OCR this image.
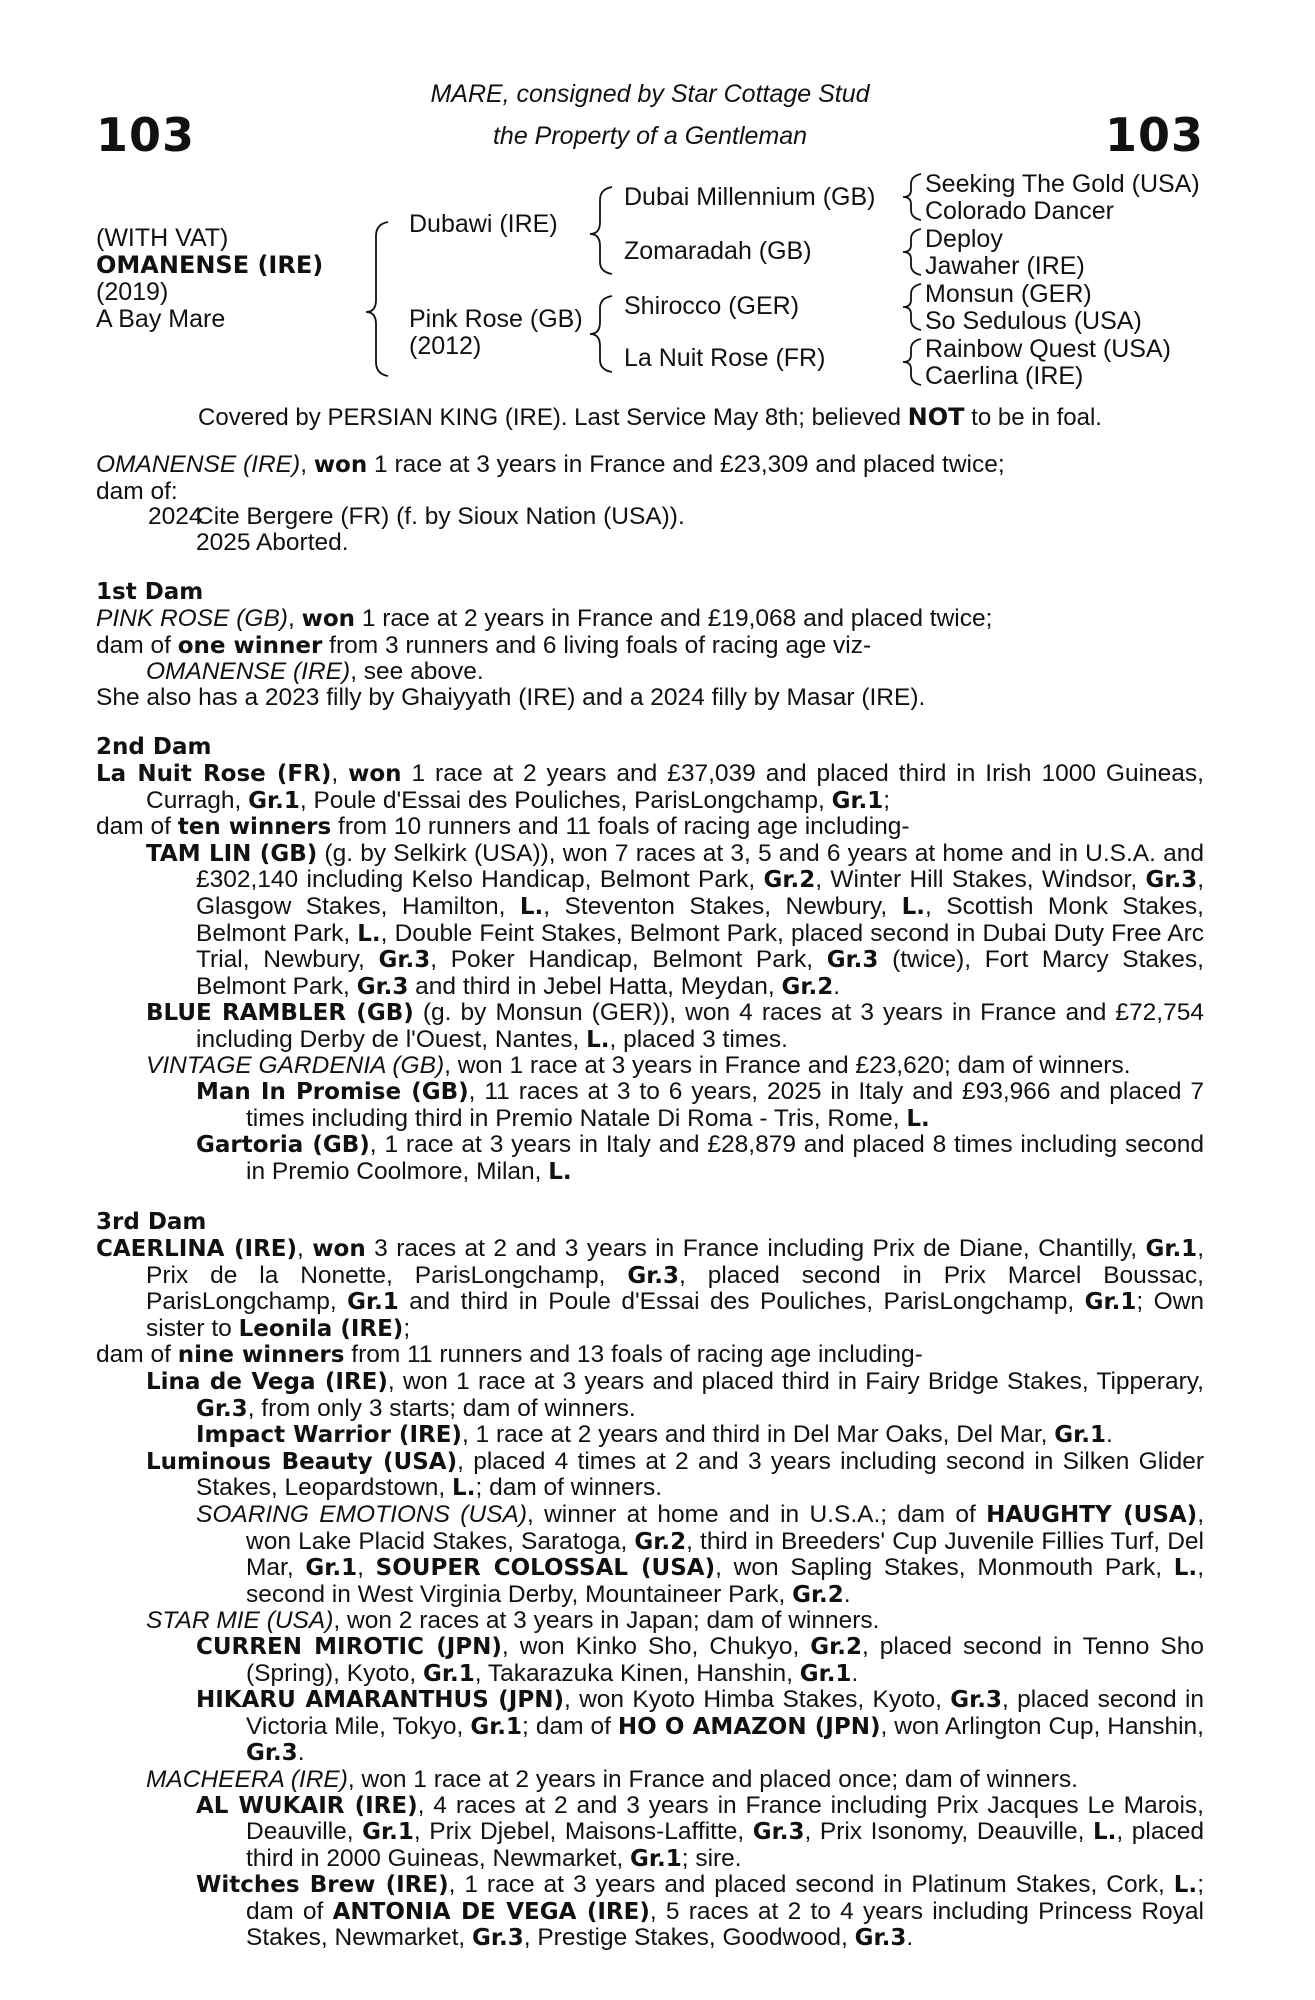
103	103
MARE, consigned by Star Cottage Stud
the Property of a Gentleman
(WITH VAT)
OMANENSE (IRE)
(2019)
A Bay Mare
Dubawi (IRE)
Pink Rose (GB)
(2012)
Dubai Millennium (GB)
Zomaradah (GB)
Shirocco (GER)
La Nuit Rose (FR)
Seeking The Gold (USA)
Colorado Dancer
Deploy
Jawaher (IRE)
Monsun (GER)
So Sedulous (USA)
Rainbow Quest (USA)
Caerlina (IRE)
Covered by PERSIAN KING (IRE). Last Service May 8th; believed NOT to be in foal.

OMANENSE (IRE), won 1 race at 3 years in France and £23,309 and placed twice;

dam of:

2024
Cite Bergere (FR) (f. by Sioux Nation (USA)).
2025 Aborted.

1st Dam

PINK ROSE (GB), won 1 race at 2 years in France and £19,068 and placed twice;

dam of one winner from 3 runners and 6 living foals of racing age viz-

OMANENSE (IRE), see above.

She also has a 2023 filly by Ghaiyyath (IRE) and a 2024 filly by Masar (IRE).

2nd Dam

La Nuit Rose (FR), won 1 race at 2 years and £37,039 and placed third in Irish 1000 Guineas, Curragh, Gr.1, Poule d'Essai des Pouliches, ParisLongchamp, Gr.1;

dam of ten winners from 10 runners and 11 foals of racing age including-

TAM LIN (GB) (g. by Selkirk (USA)), won 7 races at 3, 5 and 6 years at home and in U.S.A. and £302,140 including Kelso Handicap, Belmont Park, Gr.2, Winter Hill Stakes, Windsor, Gr.3, Glasgow Stakes, Hamilton, L., Steventon Stakes, Newbury, L., Scottish Monk Stakes, Belmont Park, L., Double Feint Stakes, Belmont Park, placed second in Dubai Duty Free Arc Trial, Newbury, Gr.3, Poker Handicap, Belmont Park, Gr.3 (twice), Fort Marcy Stakes, Belmont Park, Gr.3 and third in Jebel Hatta, Meydan, Gr.2.

BLUE RAMBLER (GB) (g. by Monsun (GER)), won 4 races at 3 years in France and £72,754 including Derby de l'Ouest, Nantes, L., placed 3 times.

VINTAGE GARDENIA (GB), won 1 race at 3 years in France and £23,620; dam of winners.

Man In Promise (GB), 11 races at 3 to 6 years, 2025 in Italy and £93,966 and placed 7 times including third in Premio Natale Di Roma - Tris, Rome, L.

Gartoria (GB), 1 race at 3 years in Italy and £28,879 and placed 8 times including second in Premio Coolmore, Milan, L.

3rd Dam

CAERLINA (IRE), won 3 races at 2 and 3 years in France including Prix de Diane, Chantilly, Gr.1, Prix de la Nonette, ParisLongchamp, Gr.3, placed second in Prix Marcel Boussac, ParisLongchamp, Gr.1 and third in Poule d'Essai des Pouliches, ParisLongchamp, Gr.1; Own sister to Leonila (IRE);

dam of nine winners from 11 runners and 13 foals of racing age including-

Lina de Vega (IRE), won 1 race at 3 years and placed third in Fairy Bridge Stakes, Tipperary, Gr.3, from only 3 starts; dam of winners.

Impact Warrior (IRE), 1 race at 2 years and third in Del Mar Oaks, Del Mar, Gr.1.

Luminous Beauty (USA), placed 4 times at 2 and 3 years including second in Silken Glider Stakes, Leopardstown, L.; dam of winners.

SOARING EMOTIONS (USA), winner at home and in U.S.A.; dam of HAUGHTY (USA), won Lake Placid Stakes, Saratoga, Gr.2, third in Breeders' Cup Juvenile Fillies Turf, Del Mar, Gr.1, SOUPER COLOSSAL (USA), won Sapling Stakes, Monmouth Park, L., second in West Virginia Derby, Mountaineer Park, Gr.2.

STAR MIE (USA), won 2 races at 3 years in Japan; dam of winners.

CURREN MIROTIC (JPN), won Kinko Sho, Chukyo, Gr.2, placed second in Tenno Sho (Spring), Kyoto, Gr.1, Takarazuka Kinen, Hanshin, Gr.1.

HIKARU AMARANTHUS (JPN), won Kyoto Himba Stakes, Kyoto, Gr.3, placed second in Victoria Mile, Tokyo, Gr.1; dam of HO O AMAZON (JPN), won Arlington Cup, Hanshin, Gr.3.

MACHEERA (IRE), won 1 race at 2 years in France and placed once; dam of winners.

AL WUKAIR (IRE), 4 races at 2 and 3 years in France including Prix Jacques Le Marois, Deauville, Gr.1, Prix Djebel, Maisons-Laffitte, Gr.3, Prix Isonomy, Deauville, L., placed third in 2000 Guineas, Newmarket, Gr.1; sire.

Witches Brew (IRE), 1 race at 3 years and placed second in Platinum Stakes, Cork, L.; dam of ANTONIA DE VEGA (IRE), 5 races at 2 to 4 years including Princess Royal Stakes, Newmarket, Gr.3, Prestige Stakes, Goodwood, Gr.3.
